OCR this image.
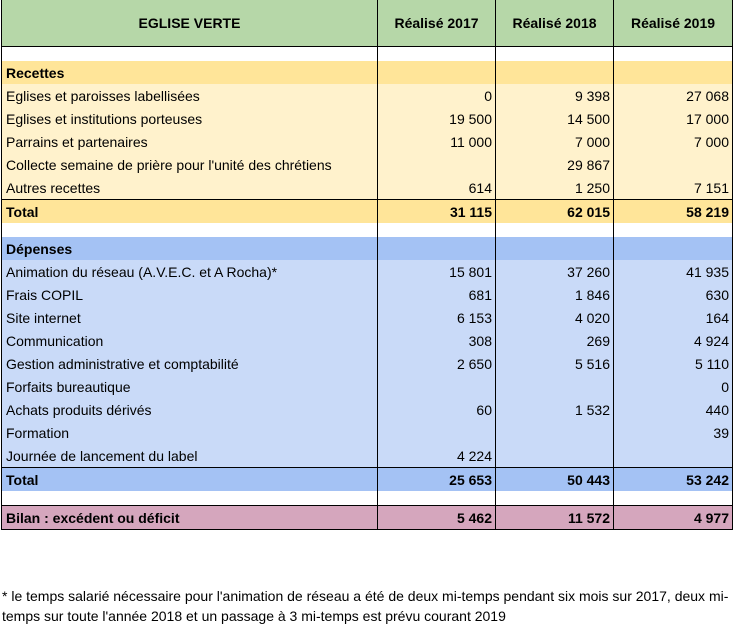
EGLISE VERTE	Réalisé 2017	Réalisé 2018	Réalisé 2019

Recettes			
Eglises et paroisses labellisées	0	9 398	27 068
Eglises et institutions porteuses	19 500	14 500	17 000
Parrains et partenaires	11 000	7 000	7 000
Collecte semaine de prière pour l'unité des chrétiens		29 867	
Autres recettes	614	1 250	7 151
Total	31 115	62 015	58 219

Dépenses			
Animation du réseau (A.V.E.C. et A Rocha)*	15 801	37 260	41 935
Frais COPIL	681	1 846	630
Site internet	6 153	4 020	164
Communication	308	269	4 924
Gestion administrative et comptabilité	2 650	5 516	5 110
Forfaits bureautique			0
Achats produits dérivés	60	1 532	440
Formation			39
Journée de lancement du label	4 224		
Total	25 653	50 443	53 242

Bilan : excédent ou déficit	5 462	11 572	4 977
* le temps salarié nécessaire pour l'animation de réseau a été de deux mi-temps pendant six mois sur 2017, deux mi-temps sur toute l'année 2018 et un passage à 3 mi-temps est prévu courant 2019
